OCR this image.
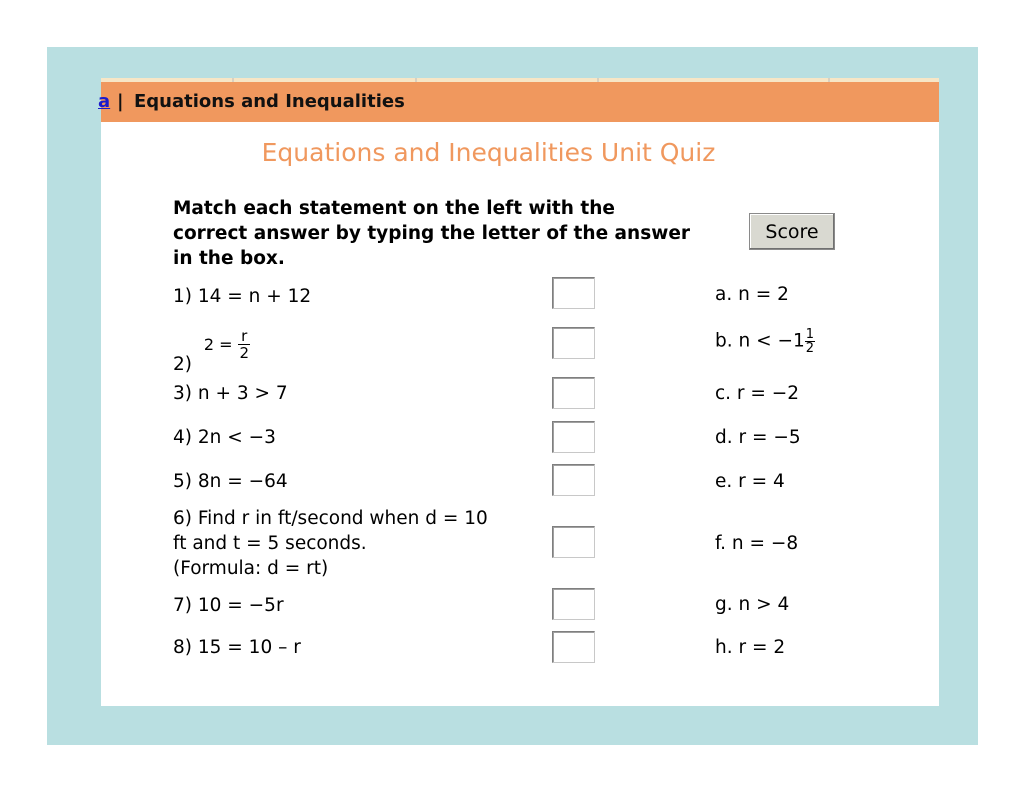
a | Equations and Inequalities
Equations and Inequalities Unit Quiz
Match each statement on the left with the correct answer by typing the letter of the answer in the box.
Score
1) 14 = n + 12
2) $2 = \frac{r}{2}$
3) n + 3 > 7
4) 2n < −3
5) 8n = −64
6) Find r in ft/second when d = 10
ft and t = 5 seconds.
(Formula: d = rt)
7) 10 = −5r
8) 15 = 10 – r
a. n = 2
b. $n < -1 \frac{1}{2}$
c. r = −2
d. r = −5
e. r = 4
f. n = −8
g. n > 4
h. r = 2
